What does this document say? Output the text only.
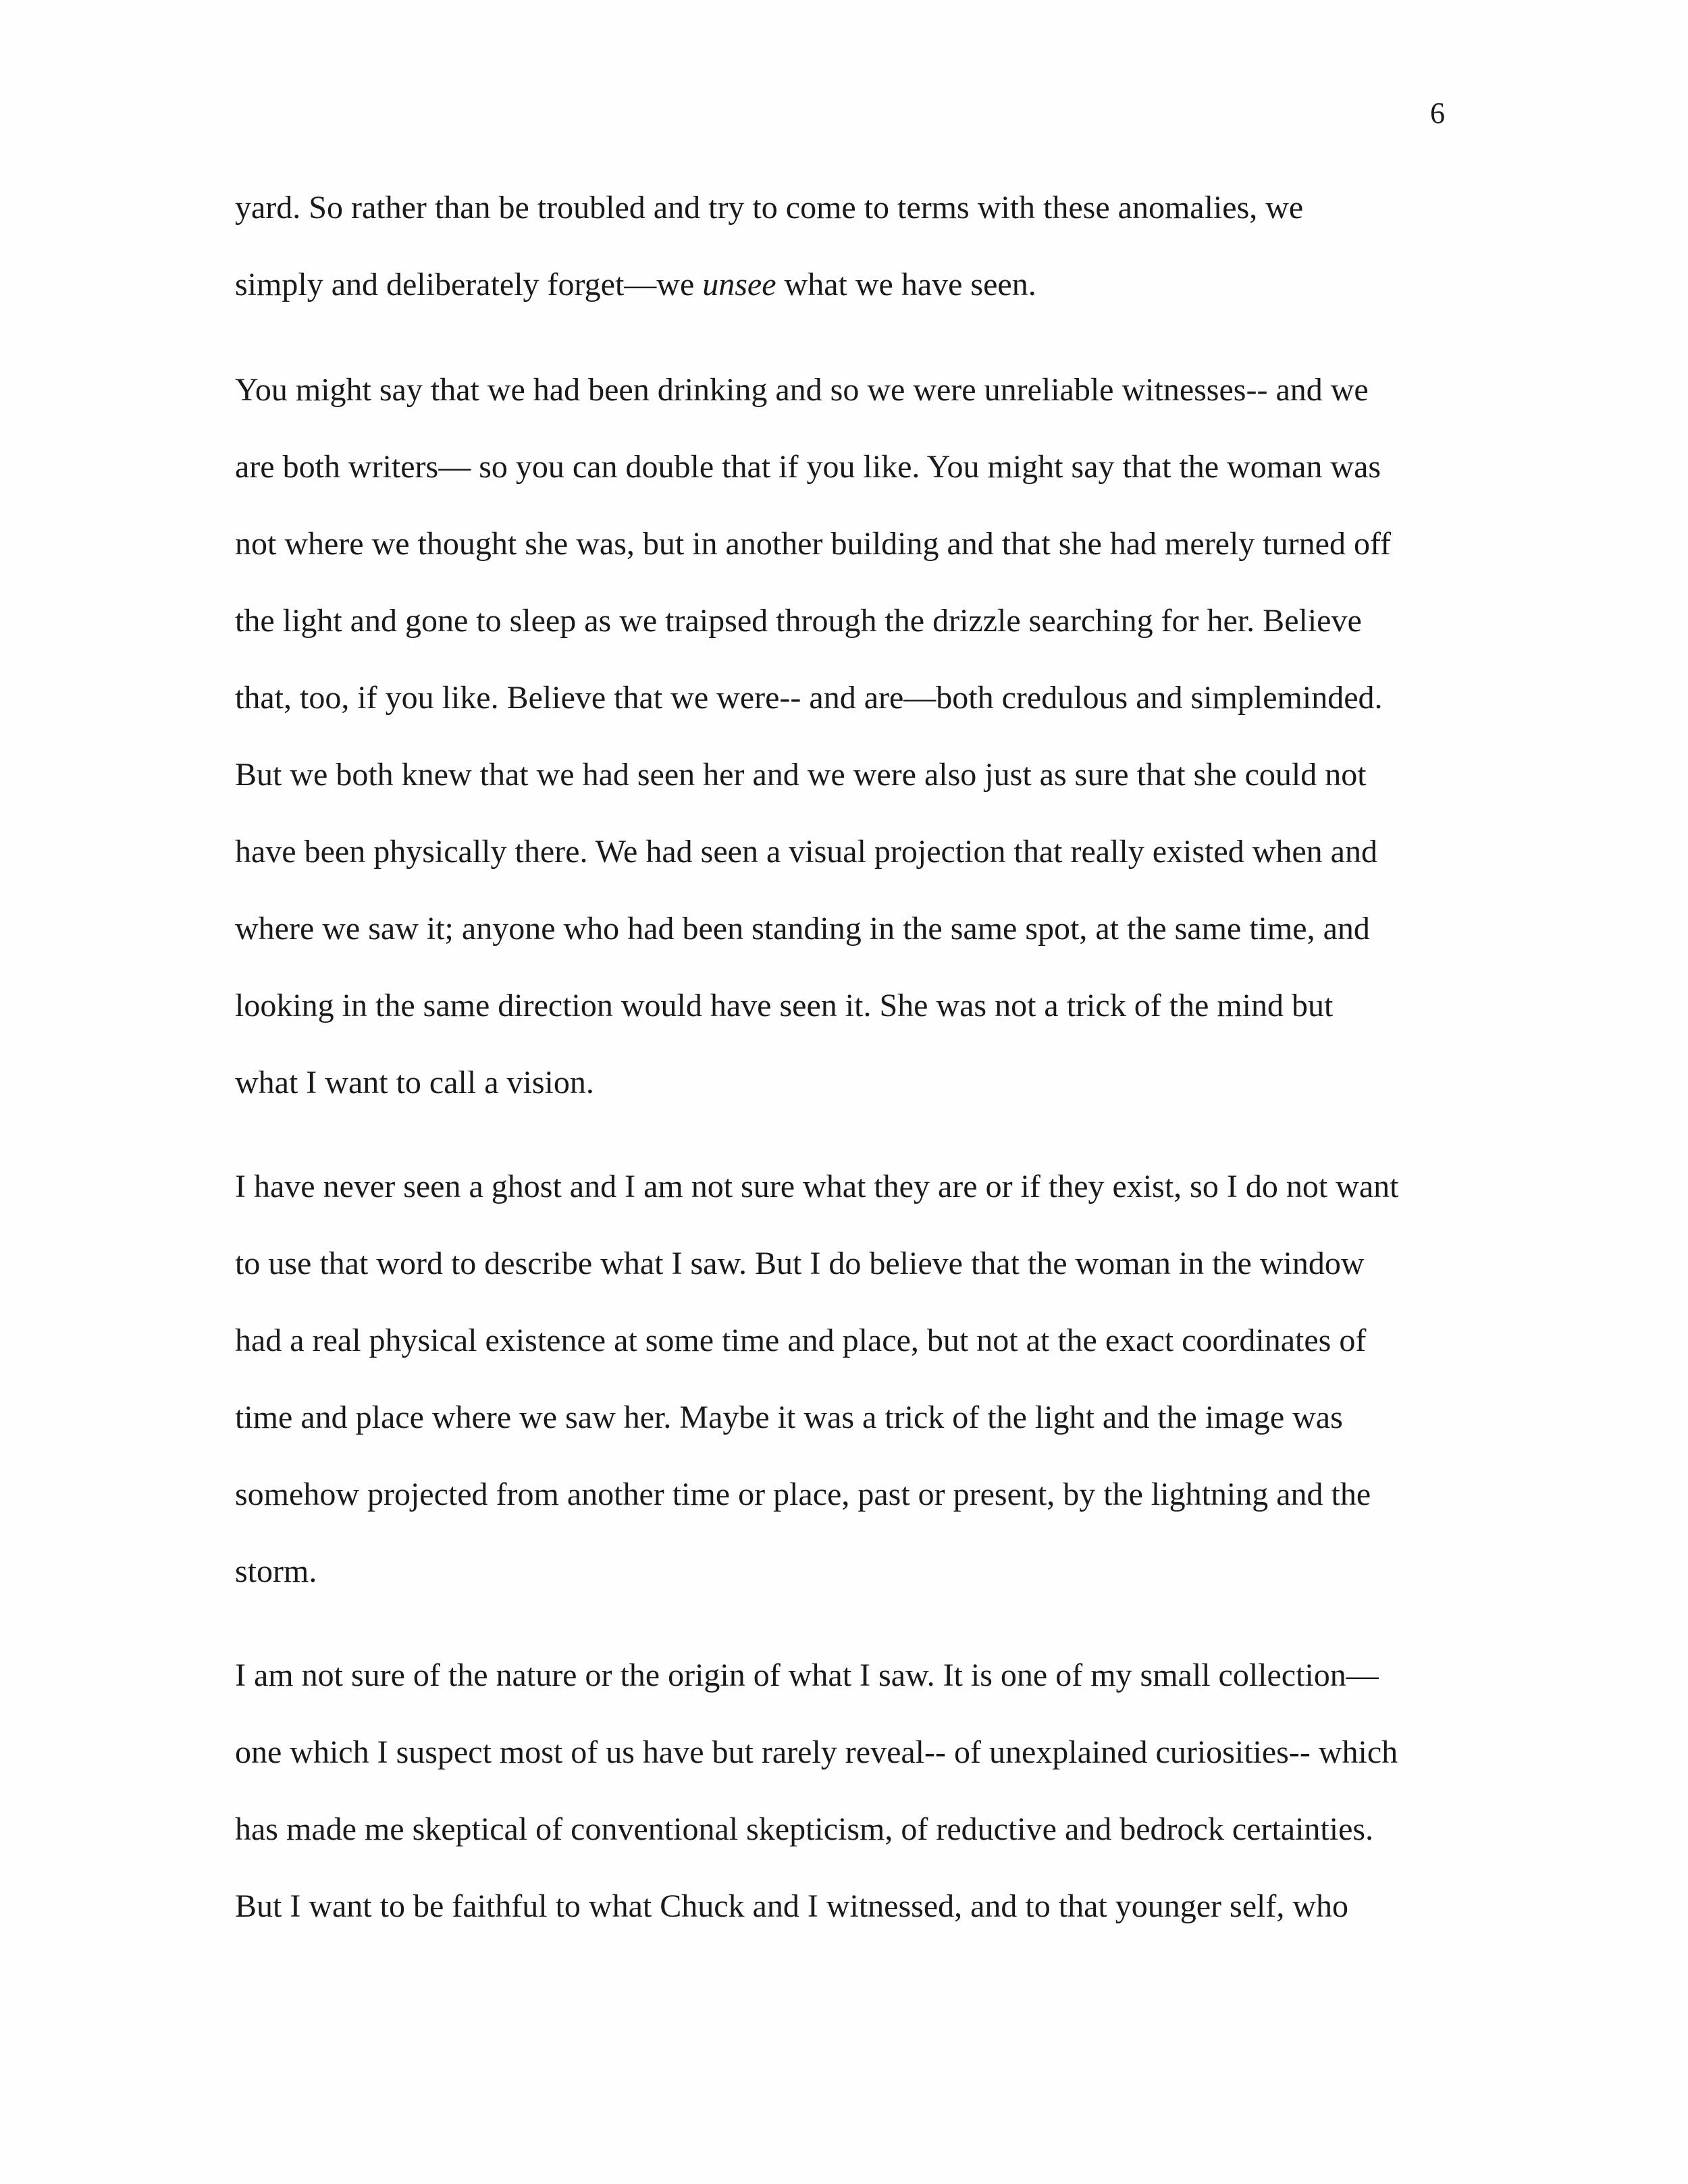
6
yard. So rather than be troubled and try to come to terms with these anomalies, we
simply and deliberately forget—we unsee what we have seen.
You might say that we had been drinking and so we were unreliable witnesses-- and we
are both writers— so you can double that if you like. You might say that the woman was
not where we thought she was, but in another building and that she had merely turned off
the light and gone to sleep as we traipsed through the drizzle searching for her. Believe
that, too, if you like. Believe that we were-- and are—both credulous and simpleminded.
But we both knew that we had seen her and we were also just as sure that she could not
have been physically there. We had seen a visual projection that really existed when and
where we saw it; anyone who had been standing in the same spot, at the same time, and
looking in the same direction would have seen it. She was not a trick of the mind but
what I want to call a vision.
I have never seen a ghost and I am not sure what they are or if they exist, so I do not want
to use that word to describe what I saw. But I do believe that the woman in the window
had a real physical existence at some time and place, but not at the exact coordinates of
time and place where we saw her. Maybe it was a trick of the light and the image was
somehow projected from another time or place, past or present, by the lightning and the
storm.
I am not sure of the nature or the origin of what I saw. It is one of my small collection—
one which I suspect most of us have but rarely reveal-- of unexplained curiosities-- which
has made me skeptical of conventional skepticism, of reductive and bedrock certainties.
But I want to be faithful to what Chuck and I witnessed, and to that younger self, who
